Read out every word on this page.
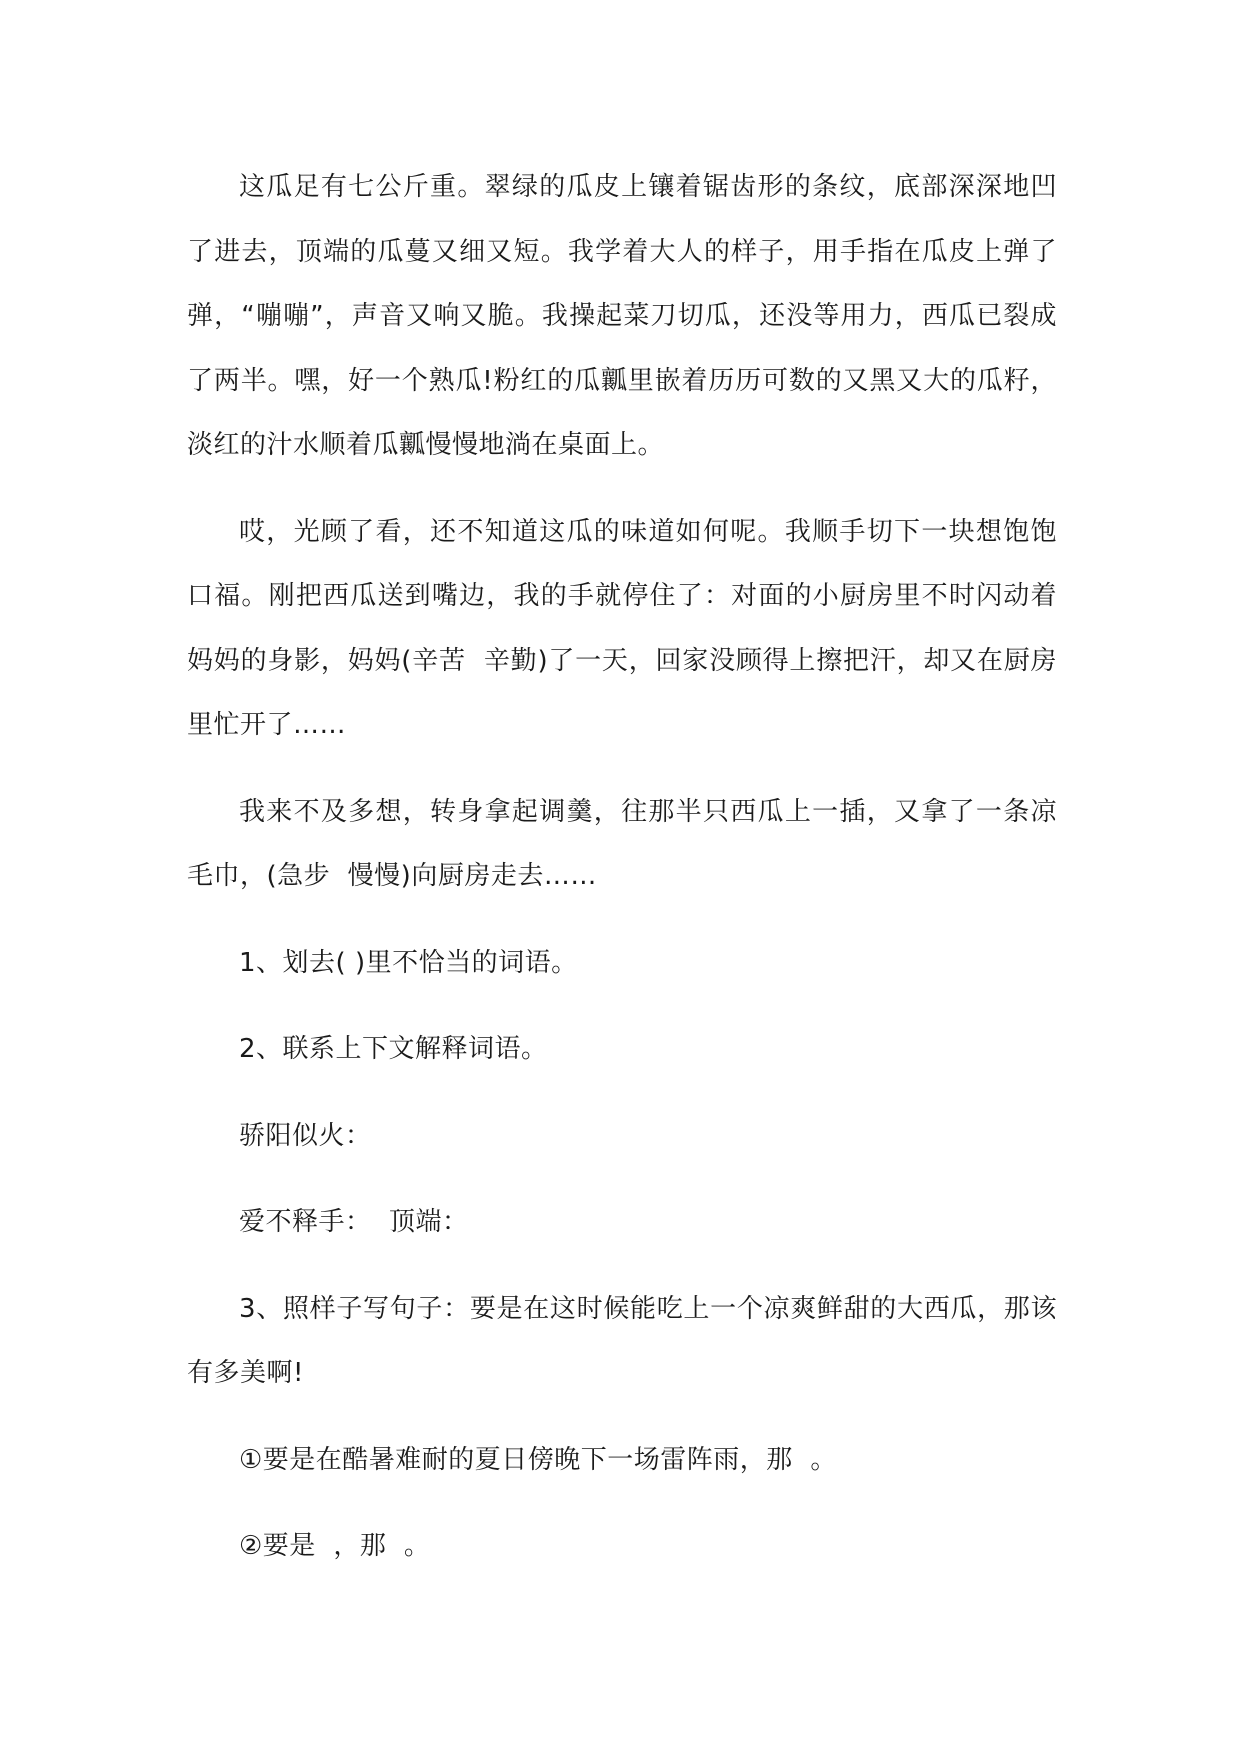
这瓜足有七公斤重。翠绿的瓜皮上镶着锯齿形的条纹，底部深深地凹了进去，顶端的瓜蔓又细又短。我学着大人的样子，用手指在瓜皮上弹了弹，“嘣嘣”，声音又响又脆。我操起菜刀切瓜，还没等用力，西瓜已裂成了两半。嘿，好一个熟瓜!粉红的瓜瓤里嵌着历历可数的又黑又大的瓜籽，淡红的汁水顺着瓜瓤慢慢地淌在桌面上。

哎，光顾了看，还不知道这瓜的味道如何呢。我顺手切下一块想饱饱口福。刚把西瓜送到嘴边，我的手就停住了：对面的小厨房里不时闪动着妈妈的身影，妈妈(辛苦  辛勤)了一天，回家没顾得上擦把汗，却又在厨房里忙开了……

我来不及多想，转身拿起调羹，往那半只西瓜上一插，又拿了一条凉毛巾，(急步  慢慢)向厨房走去……

1、划去( )里不恰当的词语。

2、联系上下文解释词语。

骄阳似火：

爱不释手：  顶端：

3、照样子写句子：要是在这时候能吃上一个凉爽鲜甜的大西瓜，那该有多美啊!

①要是在酷暑难耐的夏日傍晚下一场雷阵雨，那  。

②要是  ，那  。
